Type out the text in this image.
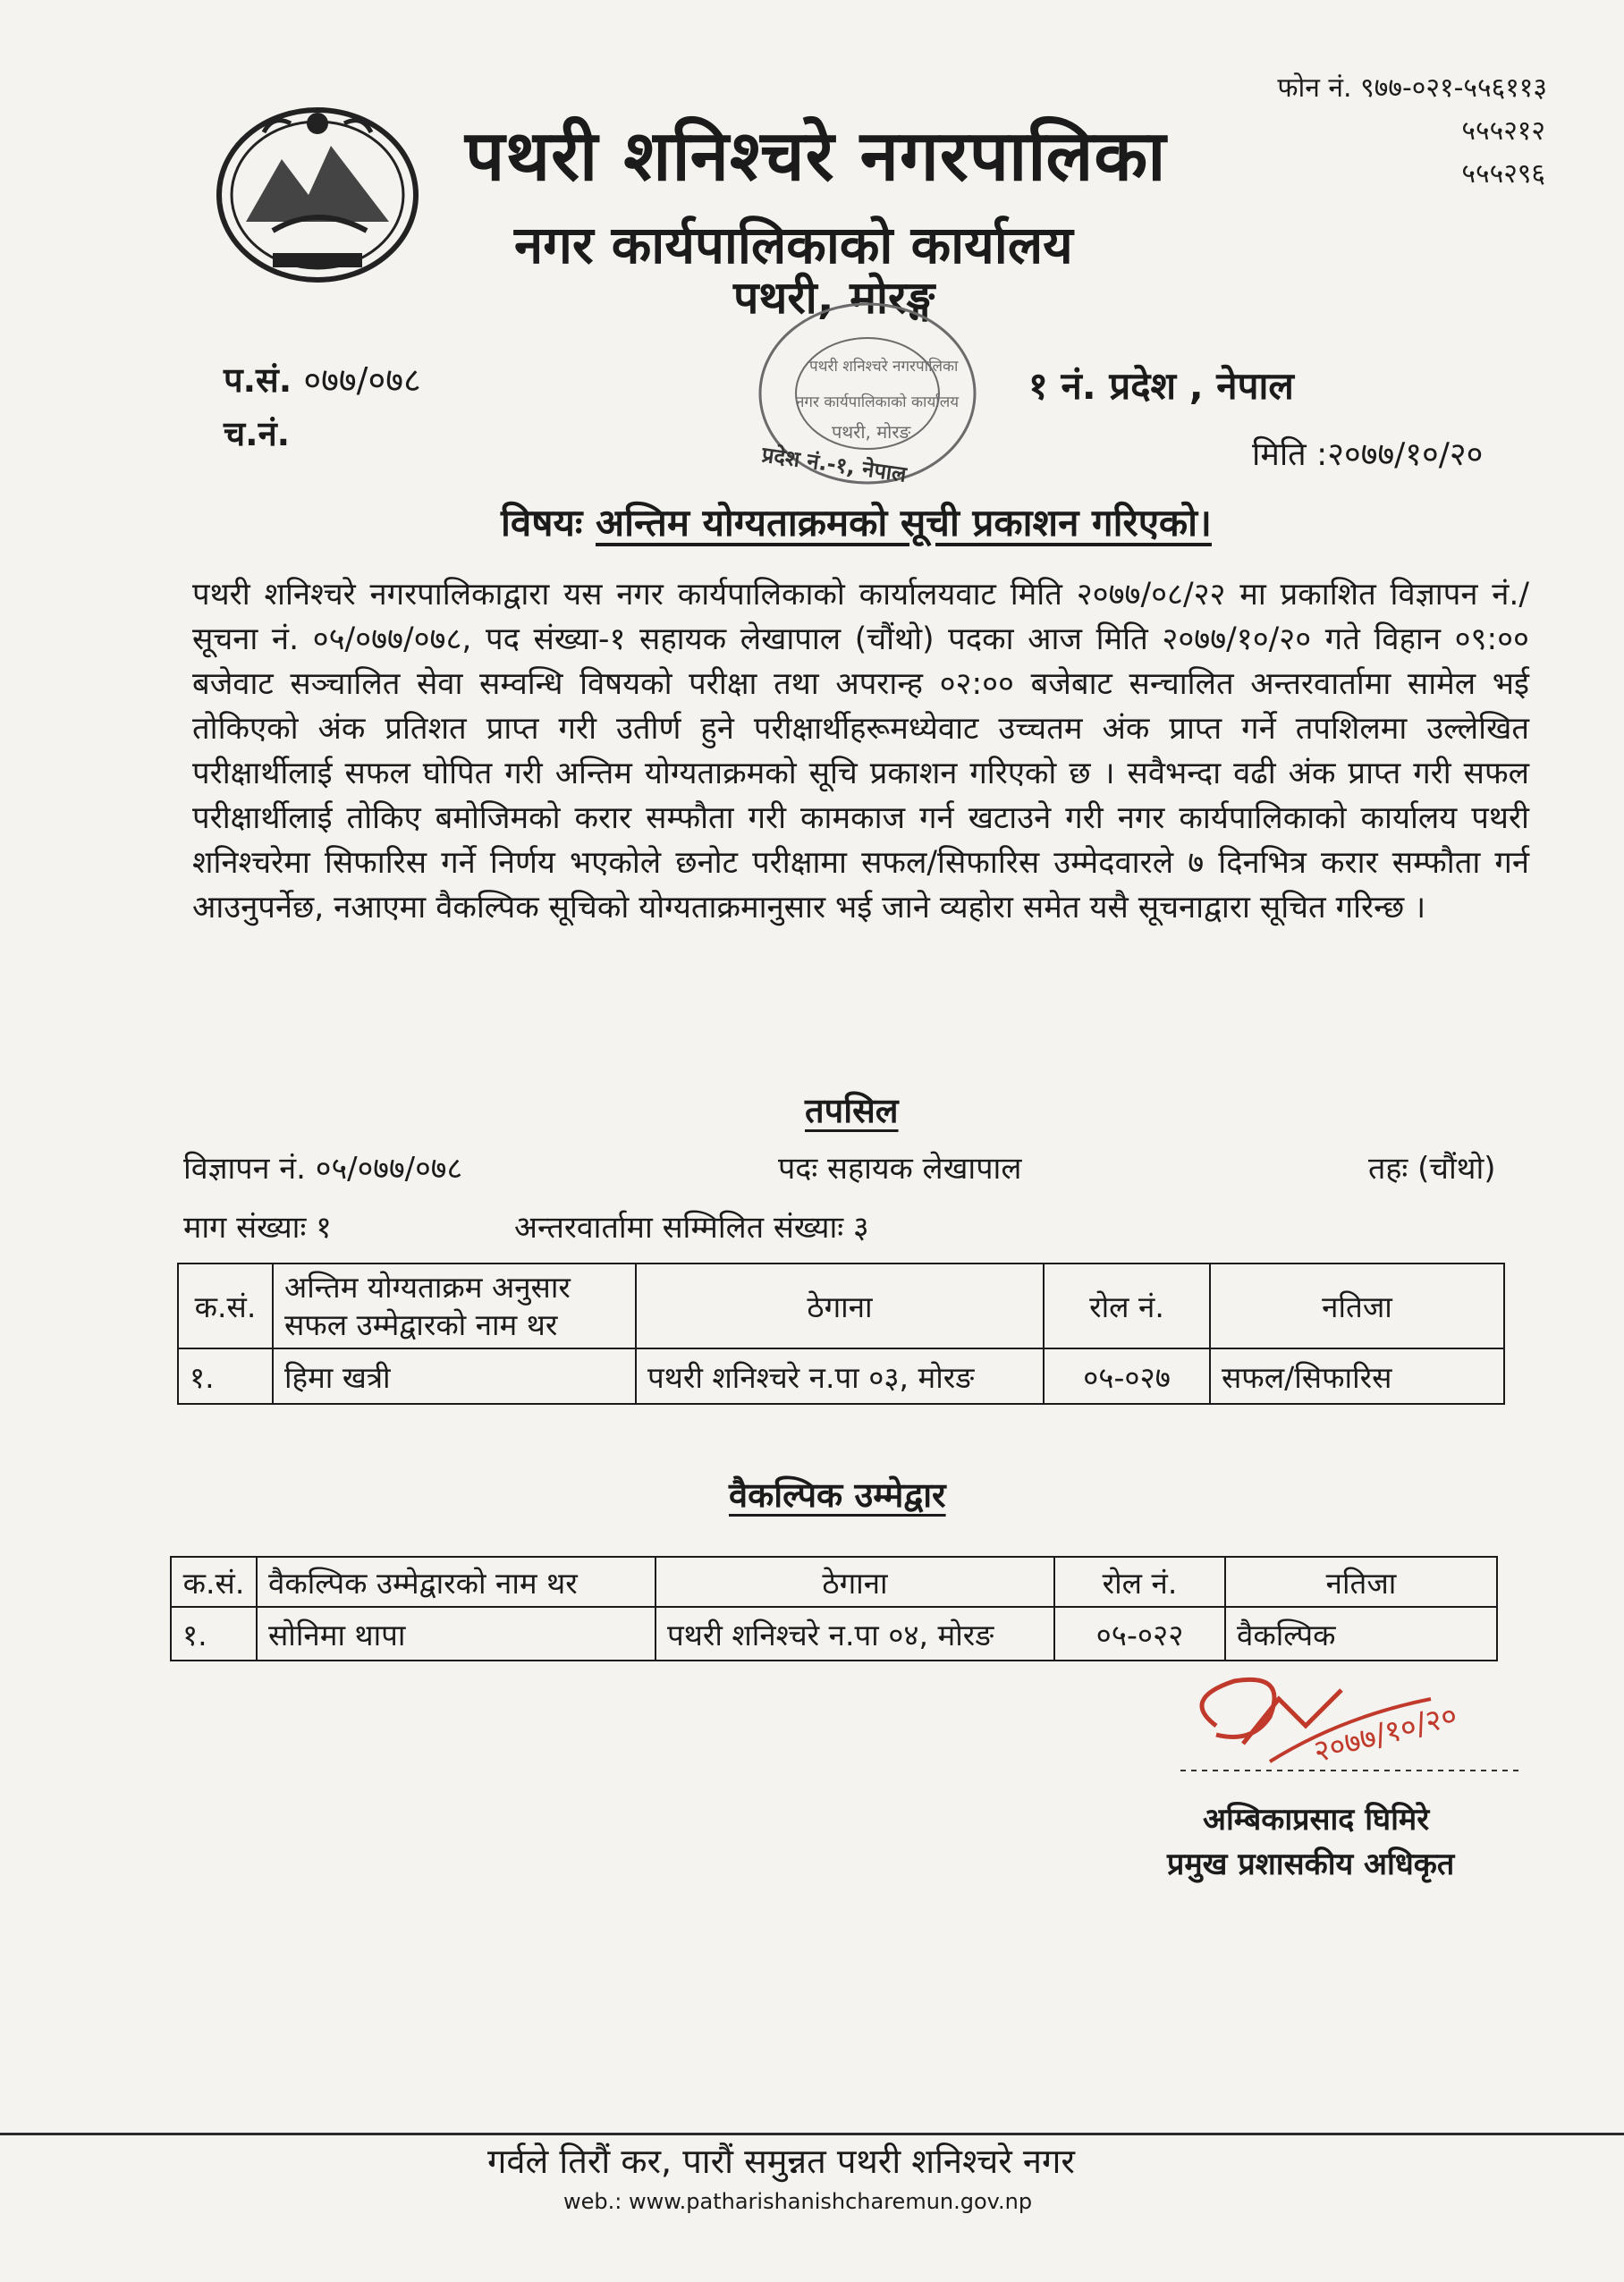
फोन नं. ९७७-०२१-५५६११३
५५५२१२
५५५२९६
पथरी शनिश्चरे नगरपालिका
नगर कार्यपालिकाको कार्यालय
पथरी, मोरङ्ग
पथरी शनिश्चरे नगरपालिका
नगर कार्यपालिकाको कार्यालय
पथरी, मोरङ
प्रदेश नं.-१, नेपाल
प.सं. ०७७/०७८
च.नं.
१ नं. प्रदेश , नेपाल
मिति :२०७७/१०/२०
विषयः अन्तिम योग्यताक्रमको सूची प्रकाशन गरिएको।
पथरी शनिश्चरे नगरपालिकाद्वारा यस नगर कार्यपालिकाको कार्यालयवाट मिति २०७७/०८/२२ मा प्रकाशित विज्ञापन नं./ सूचना नं. ०५/०७७/०७८, पद संख्या-१ सहायक लेखापाल (चौंथो) पदका आज मिति २०७७/१०/२० गते विहान ०९:०० बजेवाट सञ्चालित सेवा सम्वन्धि विषयको परीक्षा तथा अपरान्ह ०२:०० बजेबाट सन्चालित अन्तरवार्तामा सामेल भई तोकिएको अंक प्रतिशत प्राप्त गरी उतीर्ण हुने परीक्षार्थीहरूमध्येवाट उच्चतम अंक प्राप्त गर्ने तपशिलमा उल्लेखित परीक्षार्थीलाई सफल घोपित गरी अन्तिम योग्यताक्रमको सूचि प्रकाशन गरिएको छ । सवैभन्दा वढी अंक प्राप्त गरी सफल परीक्षार्थीलाई तोकिए बमोजिमको करार सम्फौता गरी कामकाज गर्न खटाउने गरी नगर कार्यपालिकाको कार्यालय पथरी शनिश्चरेमा सिफारिस गर्ने निर्णय भएकोले छनोट परीक्षामा सफल/सिफारिस उम्मेदवारले ७ दिनभित्र करार सम्फौता गर्न आउनुपर्नेछ, नआएमा वैकल्पिक सूचिको योग्यताक्रमानुसार भई जाने व्यहोरा समेत यसै सूचनाद्वारा सूचित गरिन्छ ।
तपसिल
विज्ञापन नं. ०५/०७७/०७८	पदः सहायक लेखापाल	तहः (चौंथो)
माग संख्याः १	अन्तरवार्तामा सम्मिलित संख्याः ३
क.सं.	अन्तिम योग्यताक्रम अनुसार सफल उम्मेद्वारको नाम थर	ठेगाना	रोल नं.	नतिजा
१.	हिमा खत्री	पथरी शनिश्चरे न.पा ०३, मोरङ	०५-०२७	सफल/सिफारिस
वैकल्पिक उम्मेद्वार
क.सं.	वैकल्पिक उम्मेद्वारको नाम थर	ठेगाना	रोल नं.	नतिजा
१.	सोनिमा थापा	पथरी शनिश्चरे न.पा ०४, मोरङ	०५-०२२	वैकल्पिक
२०७७/१०/२०
अम्बिकाप्रसाद घिमिरे
प्रमुख प्रशासकीय अधिकृत
गर्वले तिरौं कर, पारौं समुन्नत पथरी शनिश्चरे नगर
web.: www.patharishanishcharemun.gov.np
